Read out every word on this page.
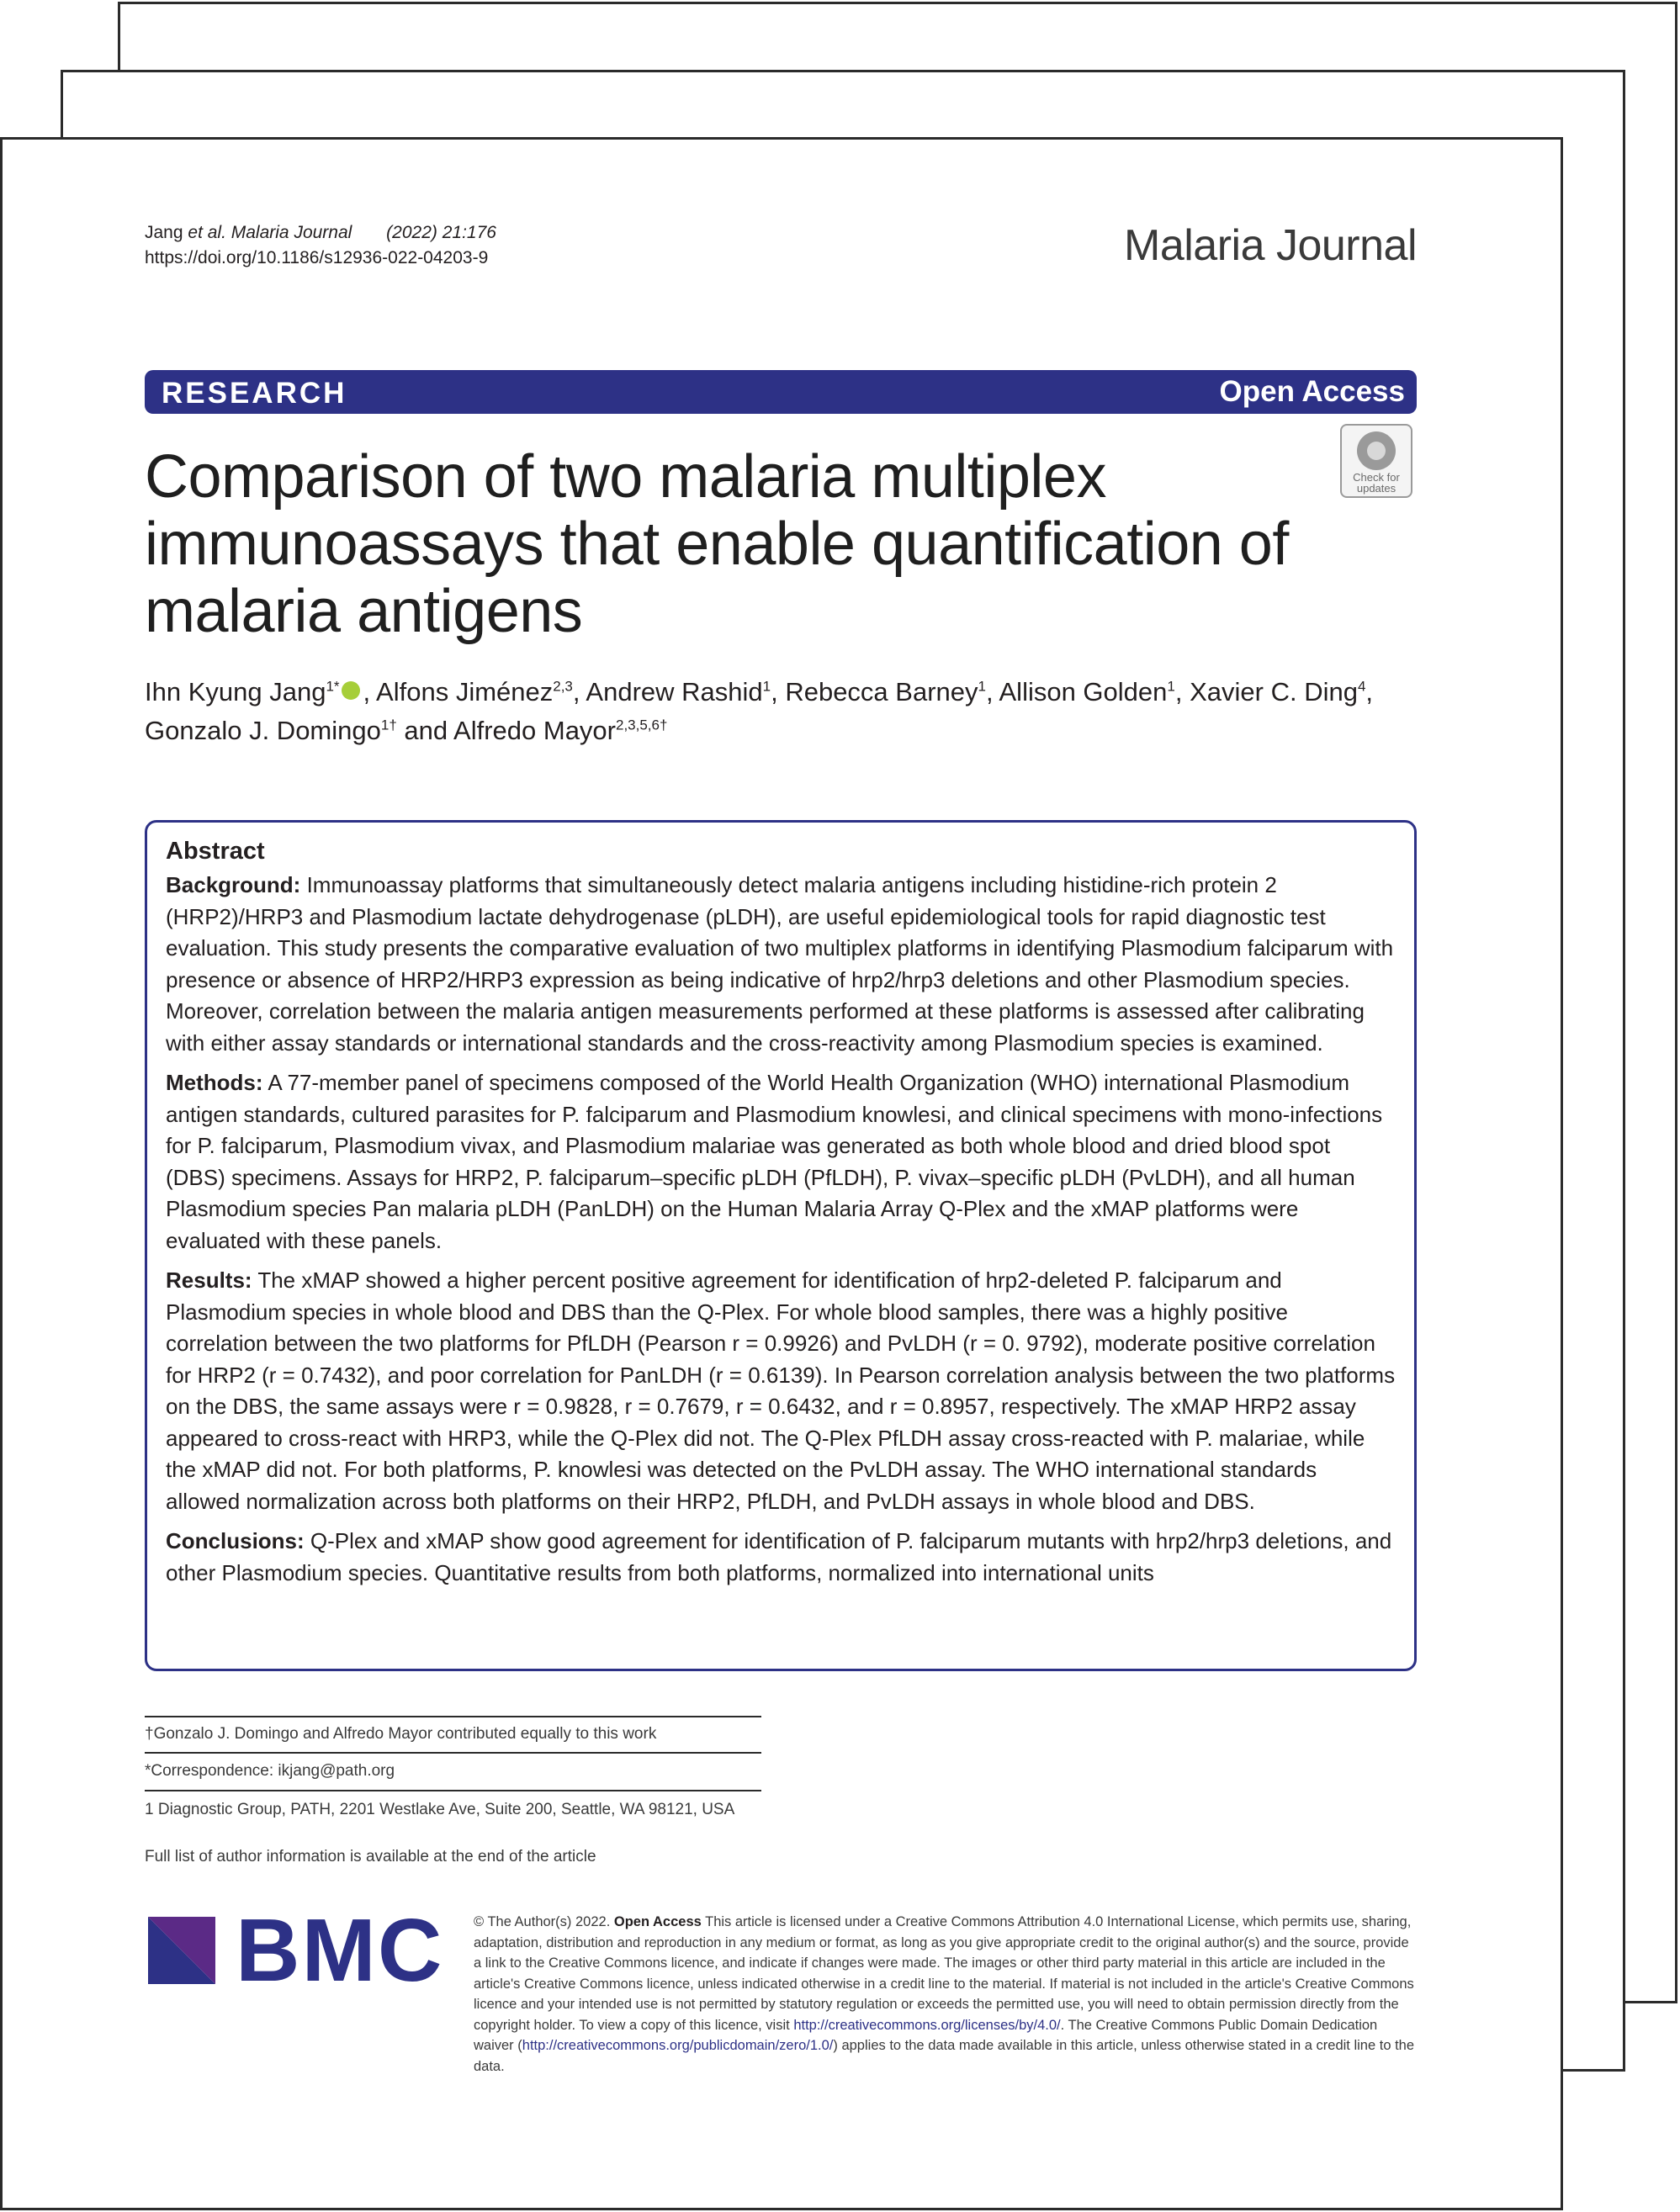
Jang et al. Malaria Journal (2022) 21:176
https://doi.org/10.1186/s12936-022-04203-9	Malaria Journal
RESEARCH	Open Access
Check for
updates
Comparison of two malaria multiplex immunoassays that enable quantification of malaria antigens
Ihn Kyung Jang$^{1*}$ , Alfons Jiménez$^{2,3}$, Andrew Rashid$^1$, Rebecca Barney$^1$, Allison Golden$^1$, Xavier C. Ding$^4$,
Gonzalo J. Domingo$^{1\dagger}$ and Alfredo Mayor$^{2,3,5,6\dagger}$
Abstract

Background: Immunoassay platforms that simultaneously detect malaria antigens including histidine-rich protein 2 (HRP2)/HRP3 and Plasmodium lactate dehydrogenase (pLDH), are useful epidemiological tools for rapid diagnostic test evaluation. This study presents the comparative evaluation of two multiplex platforms in identifying Plasmodium falciparum with presence or absence of HRP2/HRP3 expression as being indicative of hrp2/hrp3 deletions and other Plasmodium species. Moreover, correlation between the malaria antigen measurements performed at these platforms is assessed after calibrating with either assay standards or international standards and the cross-reactivity among Plasmodium species is examined.

Methods: A 77-member panel of specimens composed of the World Health Organization (WHO) international Plasmodium antigen standards, cultured parasites for P. falciparum and Plasmodium knowlesi, and clinical specimens with mono-infections for P. falciparum, Plasmodium vivax, and Plasmodium malariae was generated as both whole blood and dried blood spot (DBS) specimens. Assays for HRP2, P. falciparum–specific pLDH (PfLDH), P. vivax–specific pLDH (PvLDH), and all human Plasmodium species Pan malaria pLDH (PanLDH) on the Human Malaria Array Q-Plex and the xMAP platforms were evaluated with these panels.

Results: The xMAP showed a higher percent positive agreement for identification of hrp2-deleted P. falciparum and Plasmodium species in whole blood and DBS than the Q-Plex. For whole blood samples, there was a highly positive correlation between the two platforms for PfLDH (Pearson r = 0.9926) and PvLDH (r = 0. 9792), moderate positive correlation for HRP2 (r = 0.7432), and poor correlation for PanLDH (r = 0.6139). In Pearson correlation analysis between the two platforms on the DBS, the same assays were r = 0.9828, r = 0.7679, r = 0.6432, and r = 0.8957, respectively. The xMAP HRP2 assay appeared to cross-react with HRP3, while the Q-Plex did not. The Q-Plex PfLDH assay cross-reacted with P. malariae, while the xMAP did not. For both platforms, P. knowlesi was detected on the PvLDH assay. The WHO international standards allowed normalization across both platforms on their HRP2, PfLDH, and PvLDH assays in whole blood and DBS.

Conclusions: Q-Plex and xMAP show good agreement for identification of P. falciparum mutants with hrp2/hrp3 deletions, and other Plasmodium species. Quantitative results from both platforms, normalized into international units

†Gonzalo J. Domingo and Alfredo Mayor contributed equally to this work
*Correspondence: ikjang@path.org
1 Diagnostic Group, PATH, 2201 Westlake Ave, Suite 200, Seattle, WA 98121, USA
Full list of author information is available at the end of the article
BMC © The Author(s) 2022. Open Access This article is licensed under a Creative Commons Attribution 4.0 International License, which permits use, sharing, adaptation, distribution and reproduction in any medium or format, as long as you give appropriate credit to the original author(s) and the source, provide a link to the Creative Commons licence, and indicate if changes were made. The images or other third party material in this article are included in the article's Creative Commons licence, unless indicated otherwise in a credit line to the material. If material is not included in the article's Creative Commons licence and your intended use is not permitted by statutory regulation or exceeds the permitted use, you will need to obtain permission directly from the copyright holder. To view a copy of this licence, visit http://creativecommons.org/licenses/by/4.0/. The Creative Commons Public Domain Dedication waiver (http://creativecommons.org/publicdomain/zero/1.0/) applies to the data made available in this article, unless otherwise stated in a credit line to the data.
